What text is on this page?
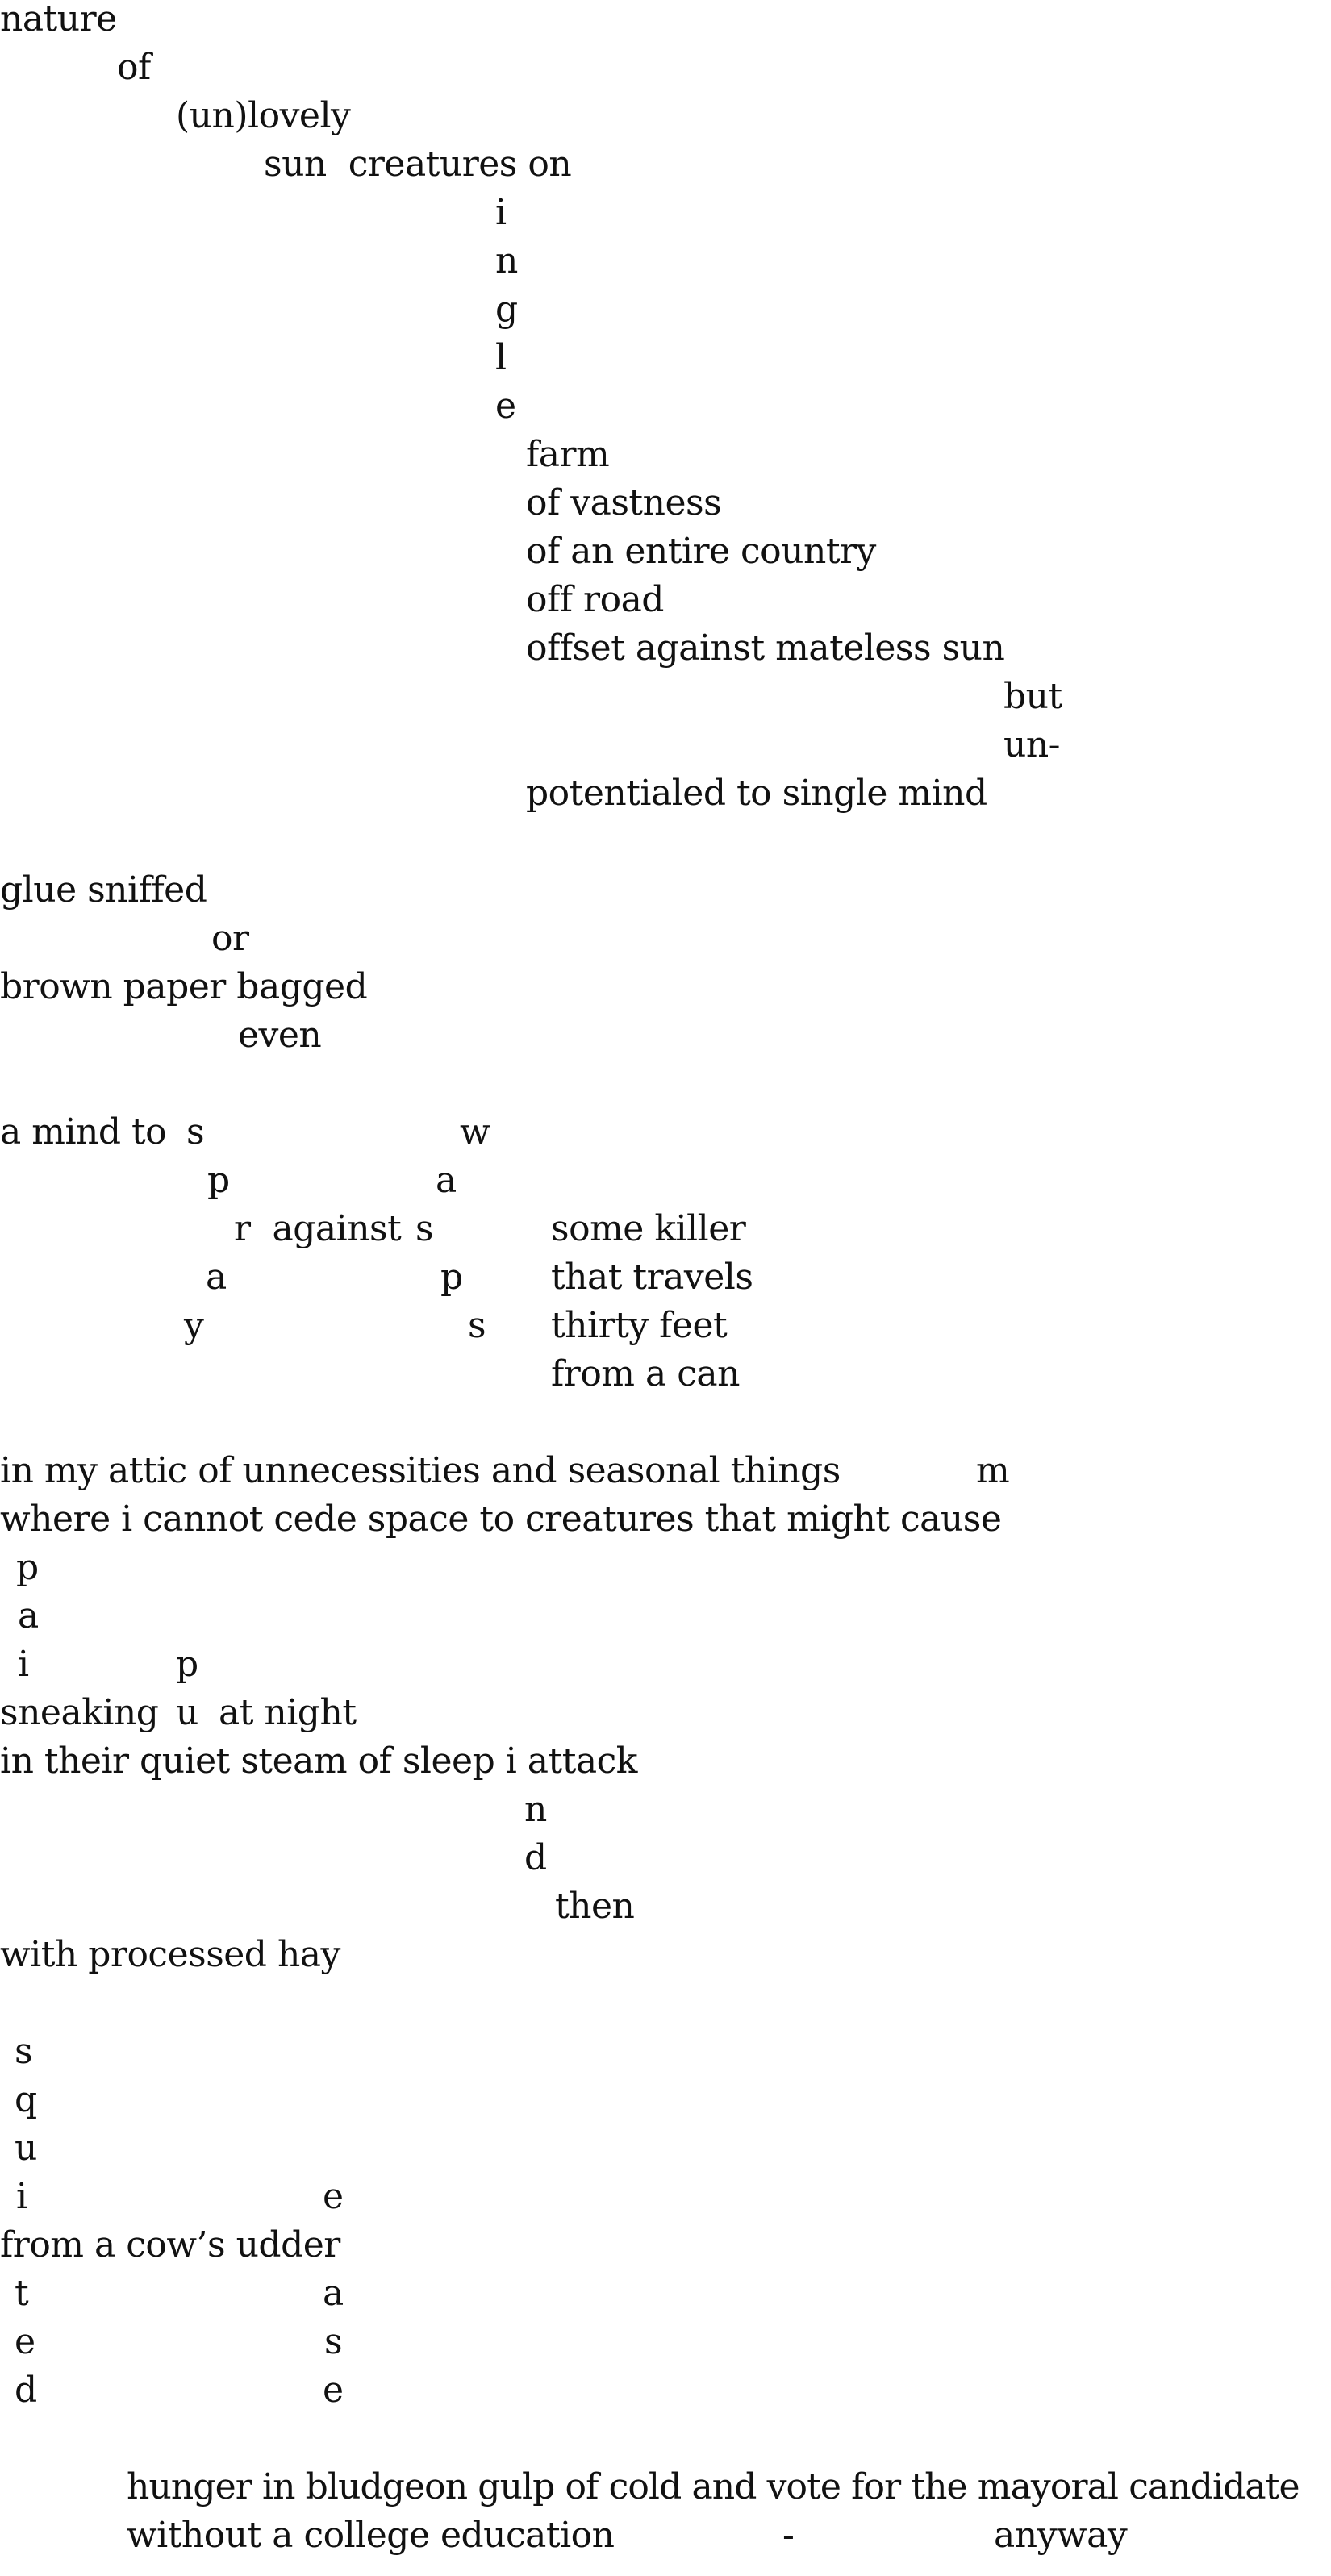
nature
of
(un)lovely
sun  creatures on
i
n
g
l
e
farm
of vastness
of an entire country
off road
offset against mateless sun
but
un-
potentialed to single mind
glue sniffed
or
brown paper bagged
even
a mind to s	w
p	a
r  against s	some killer
a	p that travels
y	s thirty feet
from a can
in my attic of unnecessities and seasonal things	m
where i cannot cede space to creatures that might cause
p
a
i	p
sneaking u at night
in their quiet steam of sleep i attack
n
d
then
with processed hay
s
q
u
i	e
from a cow’s udder
t	a
e	s
d	e
hunger in bludgeon gulp of cold and vote for the mayoral candidate
without a college education	-	anyway
